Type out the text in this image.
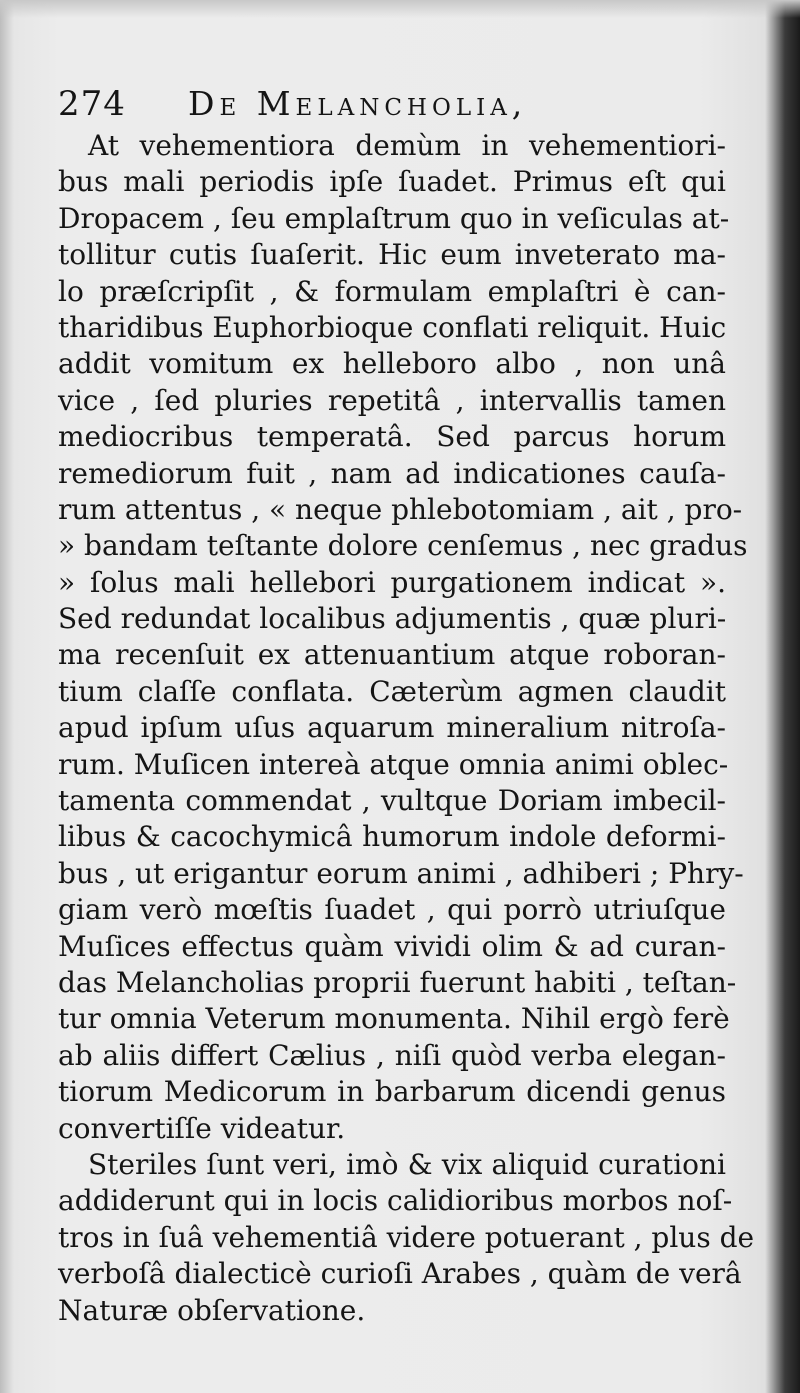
274 De Melancholia,
At vehementiora demùm in vehementiori-
bus mali periodis ipſe ſuadet. Primus eſt qui
Dropacem , ſeu emplaſtrum quo in veſiculas at-
tollitur cutis ſuaſerit. Hic eum inveterato ma-
lo præſcripſit , & formulam emplaſtri è can-
tharidibus Euphorbioque conflati reliquit. Huic
addit vomitum ex helleboro albo , non unâ
vice , ſed pluries repetitâ , intervallis tamen
mediocribus temperatâ. Sed parcus horum
remediorum fuit , nam ad indicationes cauſa-
rum attentus , « neque phlebotomiam , ait , pro-
» bandam teſtante dolore cenſemus , nec gradus
» ſolus mali hellebori purgationem indicat ».
Sed redundat localibus adjumentis , quæ pluri-
ma recenſuit ex attenuantium atque roboran-
tium claſſe conflata. Cæterùm agmen claudit
apud ipſum uſus aquarum mineralium nitroſa-
rum. Muſicen intereà atque omnia animi oblec-
tamenta commendat , vultque Doriam imbecil-
libus & cacochymicâ humorum indole deformi-
bus , ut erigantur eorum animi , adhiberi ; Phry-
giam verò mœſtis ſuadet , qui porrò utriuſque
Muſices effectus quàm vividi olim & ad curan-
das Melancholias proprii fuerunt habiti , teſtan-
tur omnia Veterum monumenta. Nihil ergò ferè
ab aliis differt Cælius , niſi quòd verba elegan-
tiorum Medicorum in barbarum dicendi genus
convertiſſe videatur.
Steriles ſunt veri, imò & vix aliquid curationi
addiderunt qui in locis calidioribus morbos noſ-
tros in ſuâ vehementiâ videre potuerant , plus de
verboſâ dialecticè curioſi Arabes , quàm de verâ
Naturæ obſervatione.
